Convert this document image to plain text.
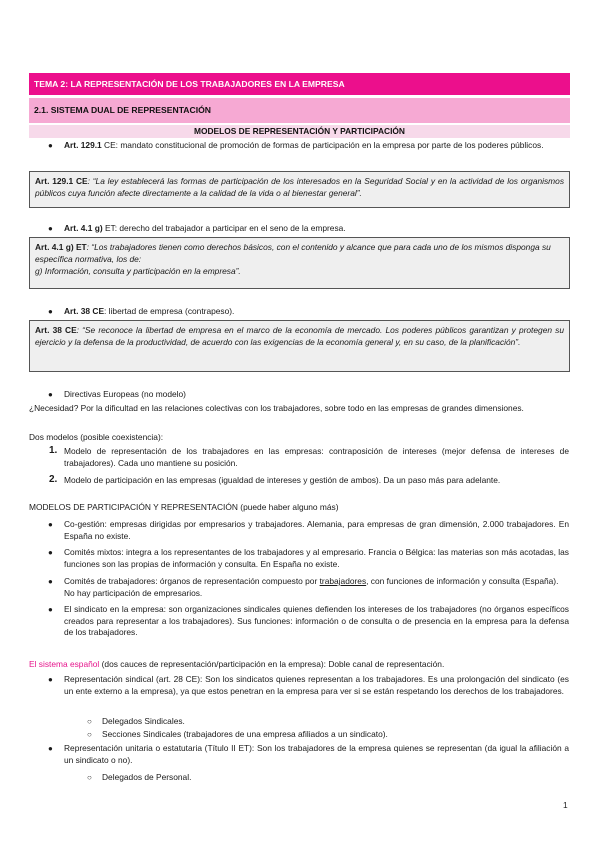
TEMA 2: LA REPRESENTACIÓN DE LOS TRABAJADORES EN LA EMPRESA
2.1. SISTEMA DUAL DE REPRESENTACIÓN
MODELOS DE REPRESENTACIÓN Y PARTICIPACIÓN
● Art. 129.1 CE: mandato constitucional de promoción de formas de participación en la empresa por parte de los poderes públicos.
Art. 129.1 CE: “La ley establecerá las formas de participación de los interesados en la Seguridad Social y en la actividad de los organismos públicos cuya función afecte directamente a la calidad de la vida o al bienestar general”.
● Art. 4.1 g) ET: derecho del trabajador a participar en el seno de la empresa.
Art. 4.1 g) ET: “Los trabajadores tienen como derechos básicos, con el contenido y alcance que para cada uno de los mismos disponga su específica normativa, los de:
g) Información, consulta y participación en la empresa”.
● Art. 38 CE: libertad de empresa (contrapeso).
Art. 38 CE: “Se reconoce la libertad de empresa en el marco de la economía de mercado. Los poderes públicos garantizan y protegen su ejercicio y la defensa de la productividad, de acuerdo con las exigencias de la economía general y, en su caso, de la planificación”.
● Directivas Europeas (no modelo)
¿Necesidad? Por la dificultad en las relaciones colectivas con los trabajadores, sobre todo en las empresas de grandes dimensiones.
Dos modelos (posible coexistencia):
1. Modelo de representación de los trabajadores en las empresas: contraposición de intereses (mejor defensa de intereses de trabajadores). Cada uno mantiene su posición.
2. Modelo de participación en las empresas (igualdad de intereses y gestión de ambos). Da un paso más para adelante.
MODELOS DE PARTICIPACIÓN Y REPRESENTACIÓN (puede haber alguno más)
● Co-gestión: empresas dirigidas por empresarios y trabajadores. Alemania, para empresas de gran dimensión, 2.000 trabajadores. En España no existe.
● Comités mixtos: integra a los representantes de los trabajadores y al empresario. Francia o Bélgica: las materias son más acotadas, las funciones son las propias de información y consulta. En España no existe.
● Comités de trabajadores: órganos de representación compuesto por trabajadores, con funciones de información y consulta (España). No hay participación de empresarios.
● El sindicato en la empresa: son organizaciones sindicales quienes defienden los intereses de los trabajadores (no órganos específicos creados para representar a los trabajadores). Sus funciones: información o de consulta o de presencia en la empresa para la defensa de los trabajadores.
El sistema español (dos cauces de representación/participación en la empresa): Doble canal de representación.
● Representación sindical (art. 28 CE): Son los sindicatos quienes representan a los trabajadores. Es una prolongación del sindicato (es un ente externo a la empresa), ya que estos penetran en la empresa para ver si se están respetando los derechos de los trabajadores.
○ Delegados Sindicales.
○ Secciones Sindicales (trabajadores de una empresa afiliados a un sindicato).
● Representación unitaria o estatutaria (Título II ET): Son los trabajadores de la empresa quienes se representan (da igual la afiliación a un sindicato o no).
○ Delegados de Personal.
1
